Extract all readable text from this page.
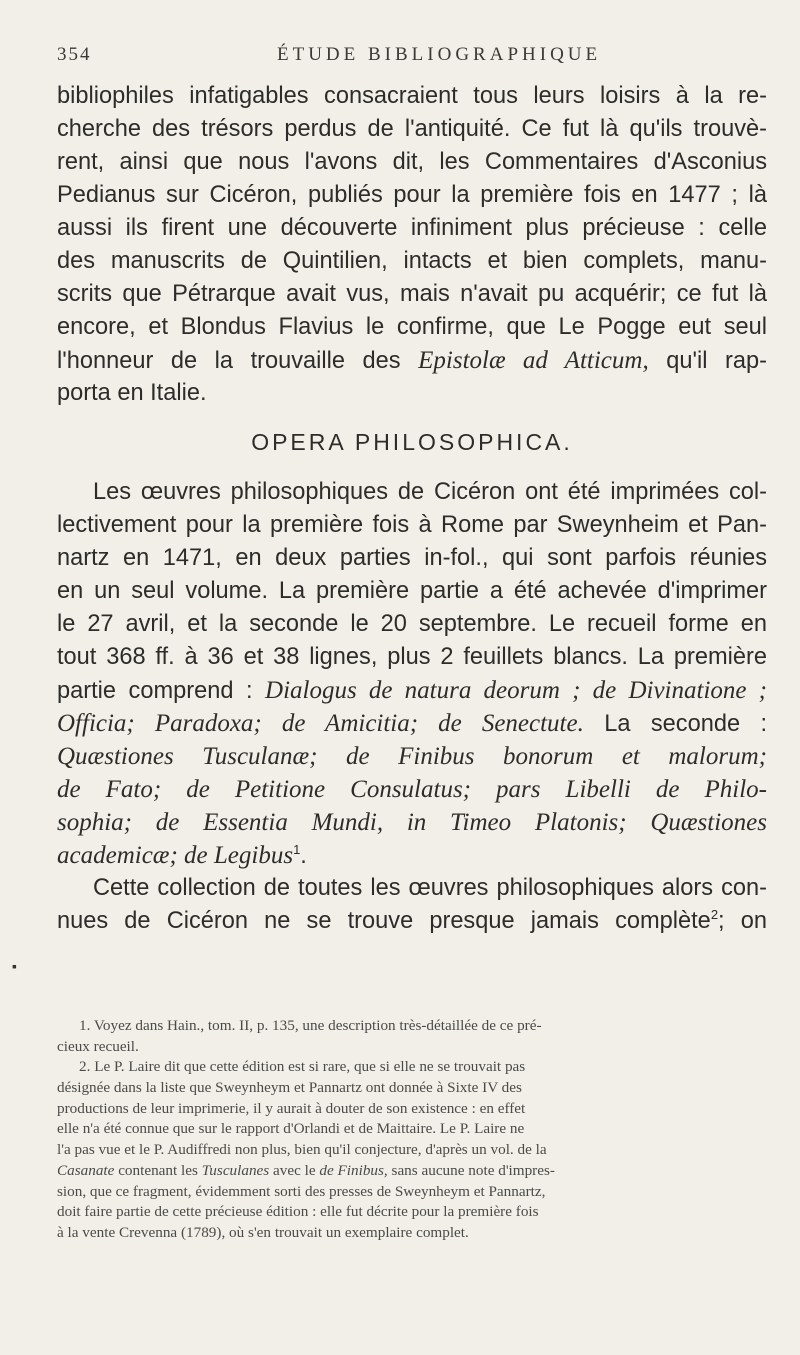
354	ÉTUDE BIBLIOGRAPHIQUE
bibliophiles infatigables consacraient tous leurs loisirs à la re-
cherche des trésors perdus de l'antiquité. Ce fut là qu'ils trouvè-
rent, ainsi que nous l'avons dit, les Commentaires d'Asconius
Pedianus sur Cicéron, publiés pour la première fois en 1477 ; là
aussi ils firent une découverte infiniment plus précieuse : celle
des manuscrits de Quintilien, intacts et bien complets, manu-
scrits que Pétrarque avait vus, mais n'avait pu acquérir; ce fut là
encore, et Blondus Flavius le confirme, que Le Pogge eut seul
l'honneur de la trouvaille des Epistolæ ad Atticum, qu'il rap-
porta en Italie.
OPERA PHILOSOPHICA.
Les œuvres philosophiques de Cicéron ont été imprimées col-
lectivement pour la première fois à Rome par Sweynheim et Pan-
nartz en 1471, en deux parties in-fol., qui sont parfois réunies
en un seul volume. La première partie a été achevée d'imprimer
le 27 avril, et la seconde le 20 septembre. Le recueil forme en
tout 368 ff. à 36 et 38 lignes, plus 2 feuillets blancs. La première
partie comprend : Dialogus de natura deorum ; de Divinatione ;
Officia; Paradoxa; de Amicitia; de Senectute. La seconde :
Quæstiones Tusculanæ; de Finibus bonorum et malorum;
de Fato; de Petitione Consulatus; pars Libelli de Philo-
sophia; de Essentia Mundi, in Timeo Platonis; Quæstiones
academicæ; de Legibus$^1$.
Cette collection de toutes les œuvres philosophiques alors con-
nues de Cicéron ne se trouve presque jamais complète$^2$; on
▪
1. Voyez dans Hain., tom. II, p. 135, une description très-détaillée de ce pré-
cieux recueil.
2. Le P. Laire dit que cette édition est si rare, que si elle ne se trouvait pas
désignée dans la liste que Sweynheym et Pannartz ont donnée à Sixte IV des
productions de leur imprimerie, il y aurait à douter de son existence : en effet
elle n'a été connue que sur le rapport d'Orlandi et de Maittaire. Le P. Laire ne
l'a pas vue et le P. Audiffredi non plus, bien qu'il conjecture, d'après un vol. de la
Casanate contenant les Tusculanes avec le de Finibus, sans aucune note d'impres-
sion, que ce fragment, évidemment sorti des presses de Sweynheym et Pannartz,
doit faire partie de cette précieuse édition : elle fut décrite pour la première fois
à la vente Crevenna (1789), où s'en trouvait un exemplaire complet.
